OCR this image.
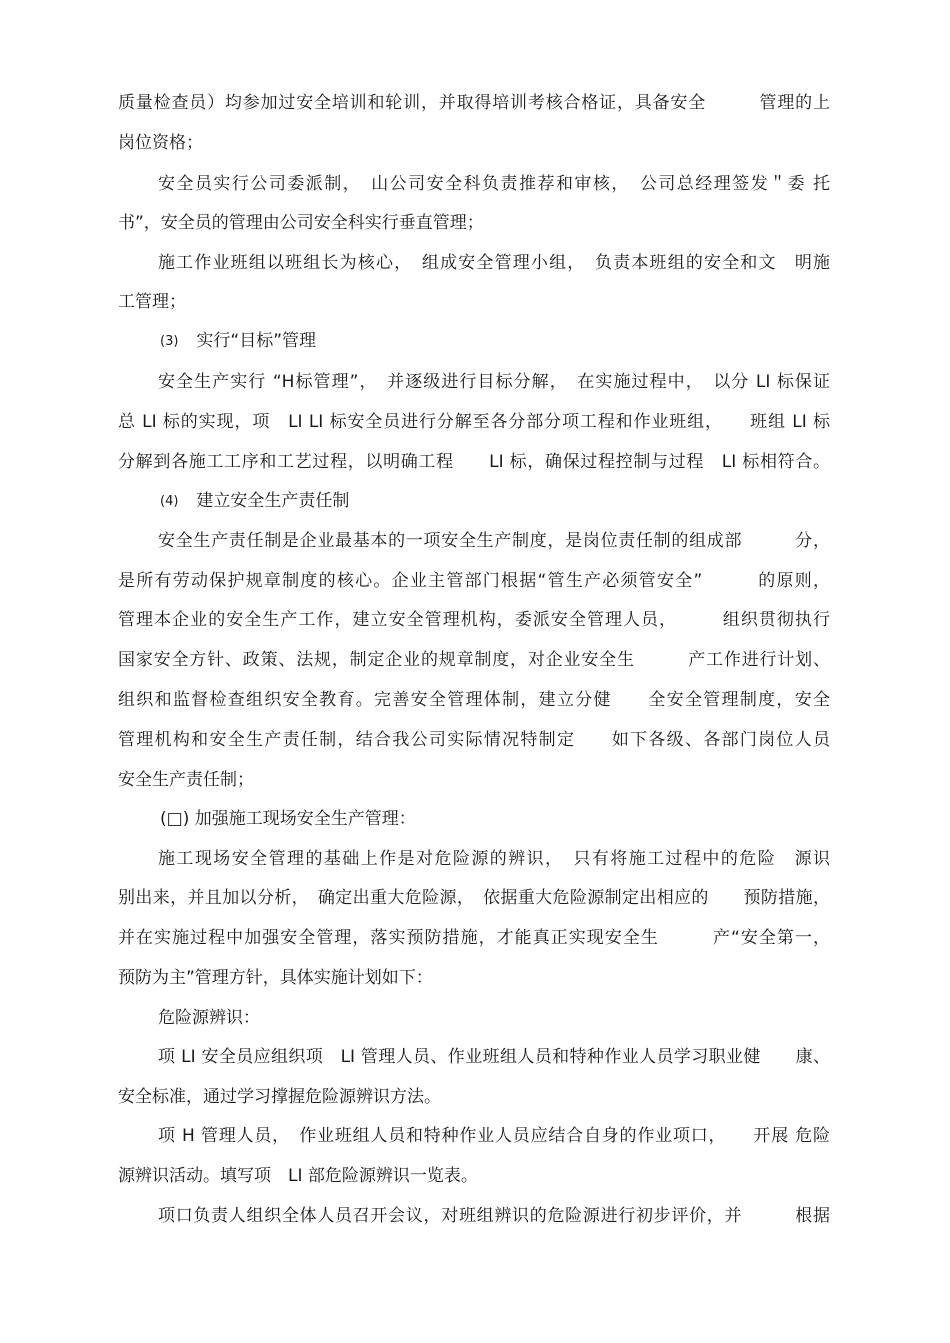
质量检查员）均参加过安全培训和轮训，并取得培训考核合格证，具备安全　　　管理的上
岗位资格；
安全员实行公司委派制，　山公司安全科负责推荐和审核，　公司总经理签发＂委 托
书”，安全员的管理由公司安全科实行垂直管理；
施工作业班组以班组长为核心，　组成安全管理小组，　负责本班组的安全和文　明施
工管理；
(3) 实行“目标”管理
安全生产实行 “H标管理”，　并逐级进行目标分解，　在实施过程中，　以分 LI 标保证
总 LI 标的实现，项　LI LI 标安全员进行分解至各分部分项工程和作业班组，　　班组 LI 标
分解到各施工工序和工艺过程，以明确工程　　LI 标，确保过程控制与过程　LI 标相符合。
(4) 建立安全生产责任制
安全生产责任制是企业最基本的一项安全生产制度，是岗位责任制的组成部　　　分，
是所有劳动保护规章制度的核心。企业主管部门根据“管生产必须管安全”　　　的原则，
管理本企业的安全生产工作，建立安全管理机构，委派安全管理人员，　　　组织贯彻执行
国家安全方针、政策、法规，制定企业的规章制度，对企业安全生　　　产工作进行计划、
组织和监督检查组织安全教育。完善安全管理体制，建立分健　　全安全管理制度，安全
管理机构和安全生产责任制，结合我公司实际情况特制定　　如下各级、各部门岗位人员
安全生产责任制；
(□) 加强施工现场安全生产管理：
施工现场安全管理的基础上作是对危险源的辨识，　只有将施工过程中的危险　源识
别出来，并且加以分析，　确定出重大危险源，　依据重大危险源制定出相应的　　预防措施，
并在实施过程中加强安全管理，落实预防措施，才能真正实现安全生　　　产“安全第一，
预防为主”管理方针，具体实施计划如下：
危险源辨识：
项 LI 安全员应组织项　LI 管理人员、作业班组人员和特种作业人员学习职业健　　康、
安全标准，通过学习撑握危险源辨识方法。
项 H 管理人员，　作业班组人员和特种作业人员应结合自身的作业项口，　　开展 危险
源辨识活动。填写项　LI 部危险源辨识一览表。
项口负责人组织全体人员召开会议，对班组辨识的危险源进行初步评价，并　　　根据
